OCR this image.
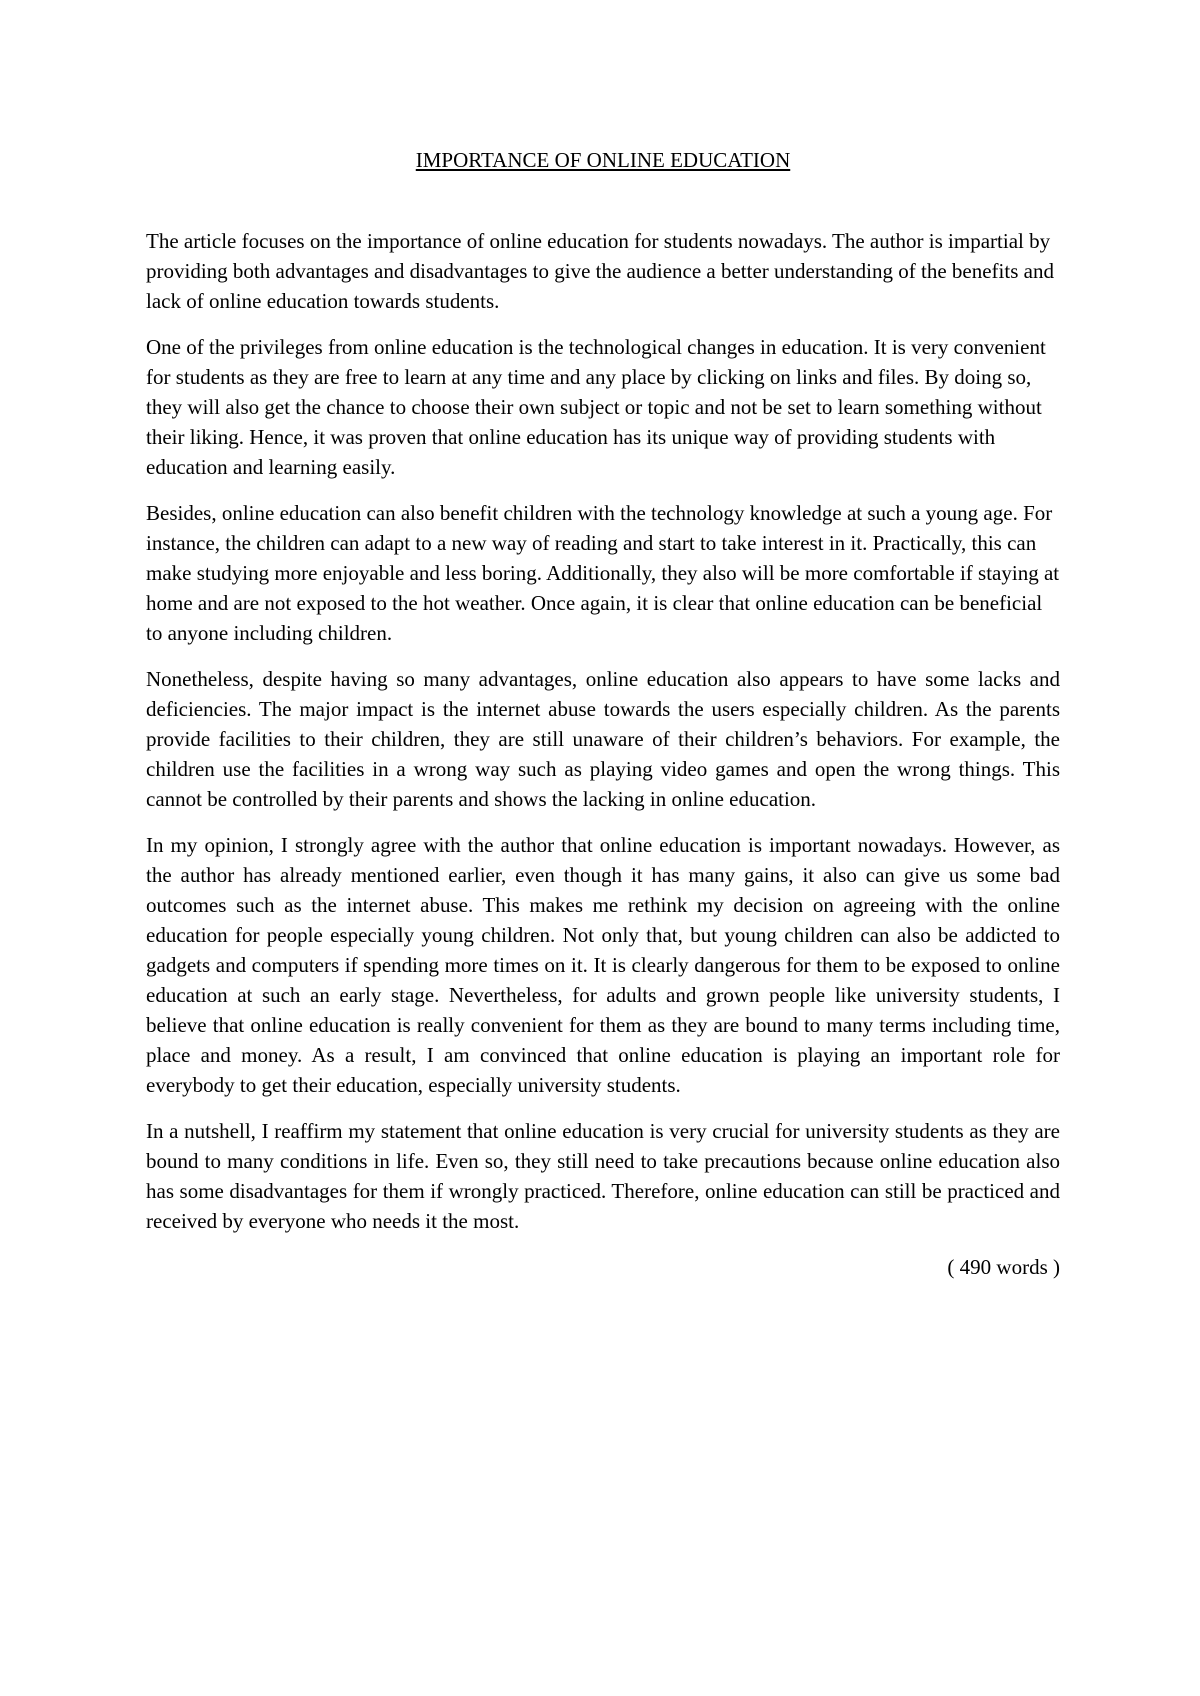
IMPORTANCE OF ONLINE EDUCATION

The article focuses on the importance of online education for students nowadays. The author is impartial by providing both advantages and disadvantages to give the audience a better understanding of the benefits and lack of online education towards students.

One of the privileges from online education is the technological changes in education. It is very convenient for students as they are free to learn at any time and any place by clicking on links and files. By doing so, they will also get the chance to choose their own subject or topic and not be set to learn something without their liking. Hence, it was proven that online education has its unique way of providing students with education and learning easily.

Besides, online education can also benefit children with the technology knowledge at such a young age. For instance, the children can adapt to a new way of reading and start to take interest in it. Practically, this can make studying more enjoyable and less boring. Additionally, they also will be more comfortable if staying at home and are not exposed to the hot weather. Once again, it is clear that online education can be beneficial to anyone including children.

Nonetheless, despite having so many advantages, online education also appears to have some lacks and deficiencies. The major impact is the internet abuse towards the users especially children. As the parents provide facilities to their children, they are still unaware of their children’s behaviors. For example, the children use the facilities in a wrong way such as playing video games and open the wrong things. This cannot be controlled by their parents and shows the lacking in online education.

In my opinion, I strongly agree with the author that online education is important nowadays. However, as the author has already mentioned earlier, even though it has many gains, it also can give us some bad outcomes such as the internet abuse. This makes me rethink my decision on agreeing with the online education for people especially young children. Not only that, but young children can also be addicted to gadgets and computers if spending more times on it. It is clearly dangerous for them to be exposed to online education at such an early stage. Nevertheless, for adults and grown people like university students, I believe that online education is really convenient for them as they are bound to many terms including time, place and money. As a result, I am convinced that online education is playing an important role for everybody to get their education, especially university students.

In a nutshell, I reaffirm my statement that online education is very crucial for university students as they are bound to many conditions in life. Even so, they still need to take precautions because online education also has some disadvantages for them if wrongly practiced. Therefore, online education can still be practiced and received by everyone who needs it the most.

( 490 words )
